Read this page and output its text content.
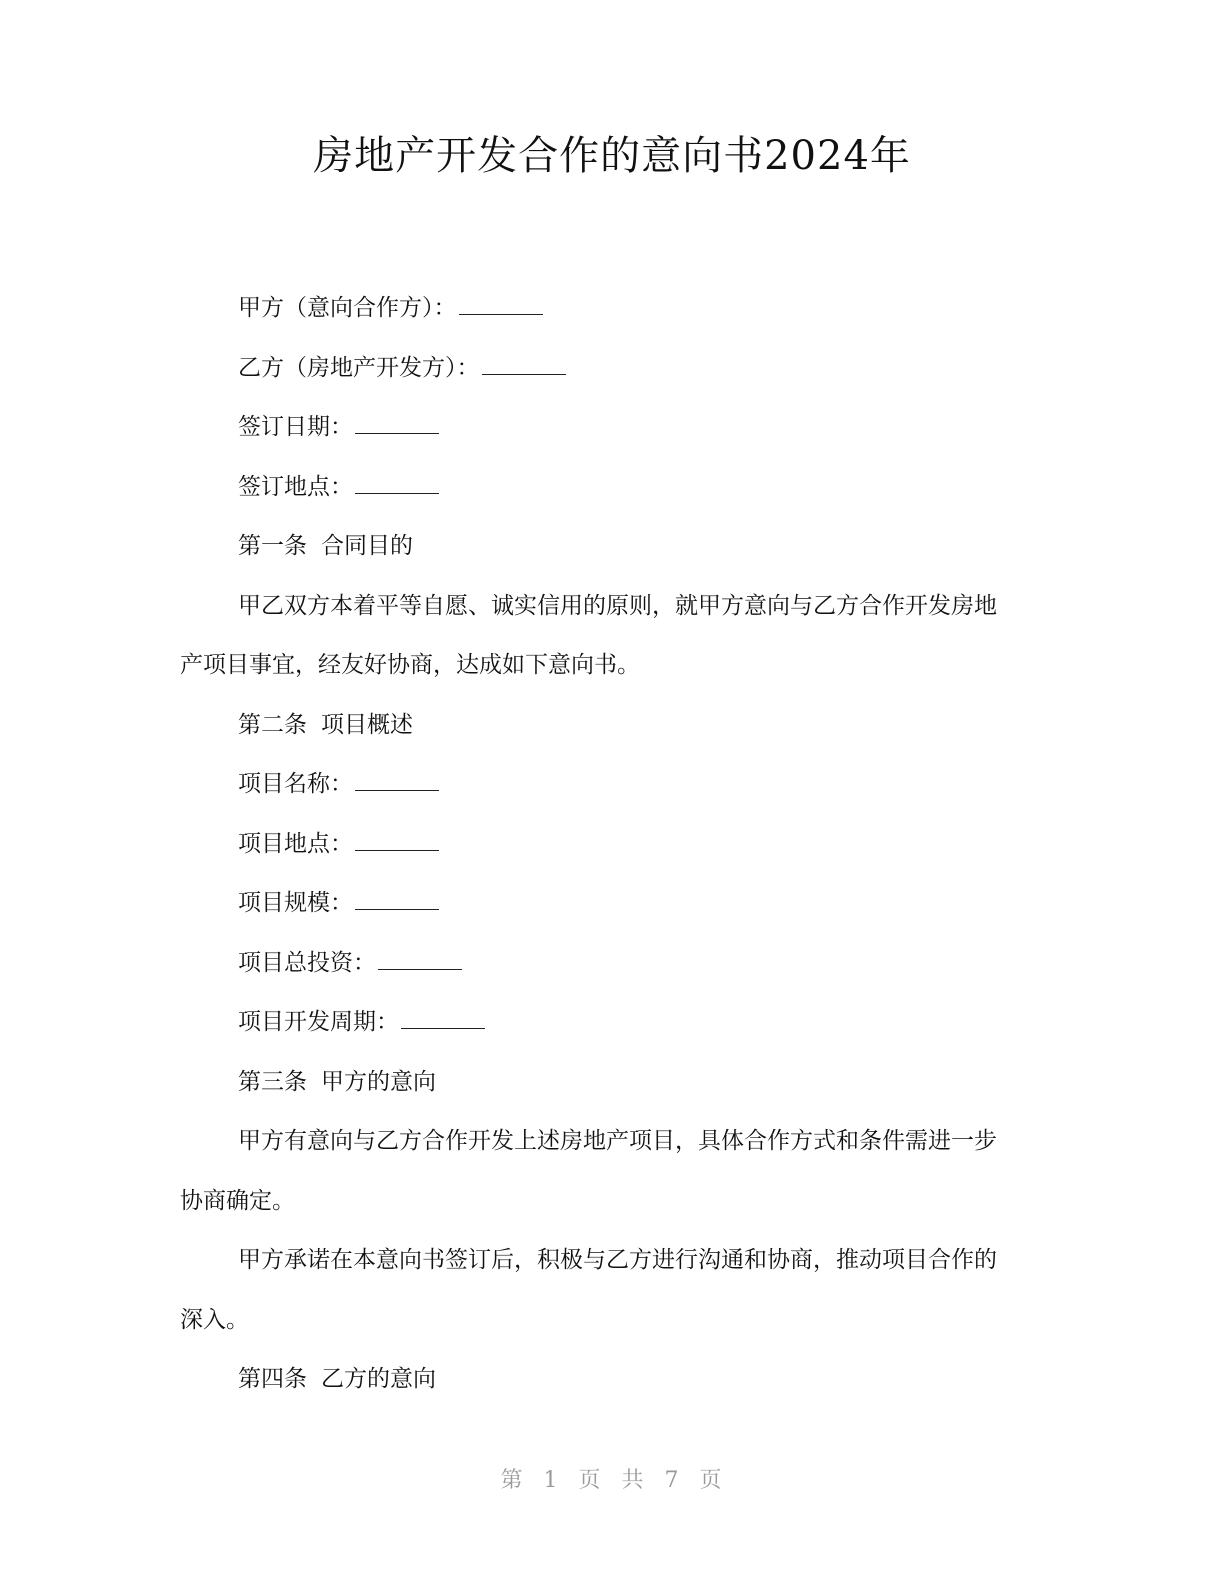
房地产开发合作的意向书2024年

甲方（意向合作方）：

乙方（房地产开发方）：

签订日期：

签订地点：

第一条 合同目的

甲乙双方本着平等自愿、诚实信用的原则，就甲方意向与乙方合作开发房地

产项目事宜，经友好协商，达成如下意向书。

第二条 项目概述

项目名称：

项目地点：

项目规模：

项目总投资：

项目开发周期：

第三条 甲方的意向

甲方有意向与乙方合作开发上述房地产项目，具体合作方式和条件需进一步

协商确定。

甲方承诺在本意向书签订后，积极与乙方进行沟通和协商，推动项目合作的

深入。

第四条 乙方的意向

第 1 页 共 7 页
